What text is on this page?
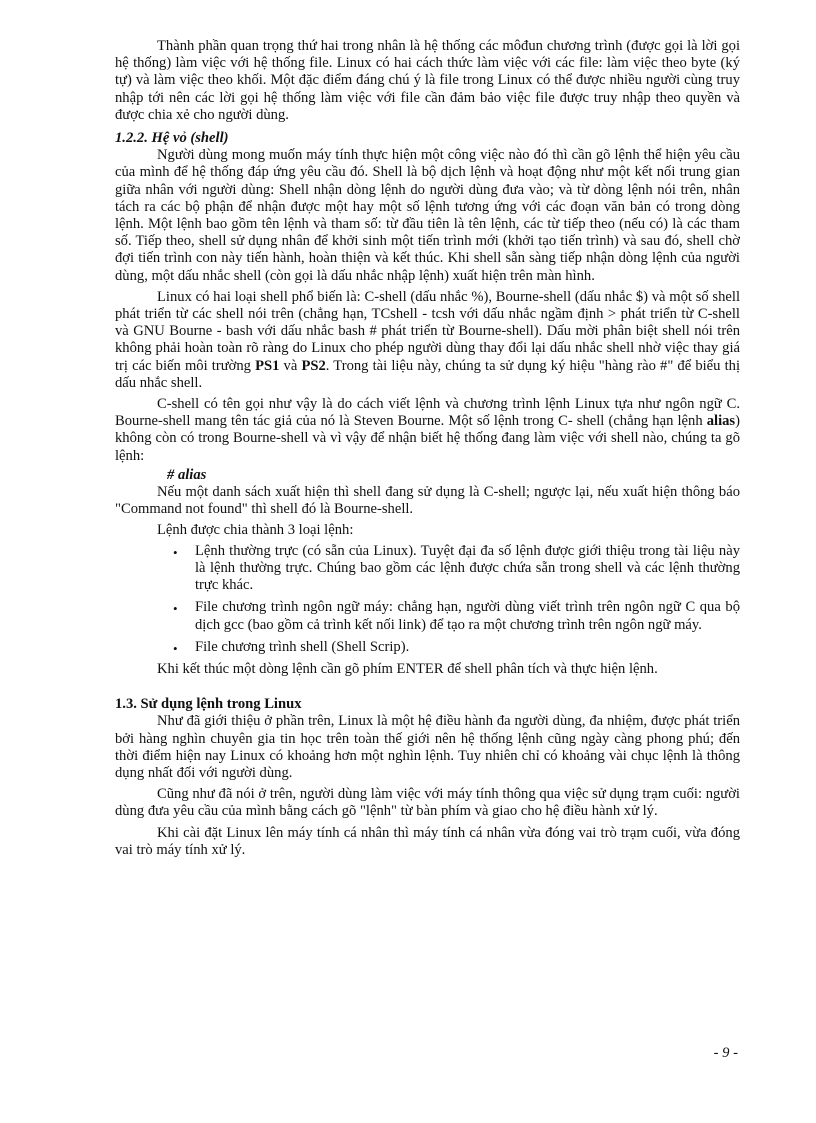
Thành phần quan trọng thứ hai trong nhân là hệ thống các môđun chương trình (được gọi là lời gọi hệ thống) làm việc với hệ thống file. Linux có hai cách thức làm việc với các file: làm việc theo byte (ký tự) và làm việc theo khối. Một đặc điểm đáng chú ý là file trong Linux có thể được nhiều người cùng truy nhập tới nên các lời gọi hệ thống làm việc với file cần đảm bảo việc file được truy nhập theo quyền và được chia xẻ cho người dùng.

1.2.2. Hệ vỏ (shell)

Người dùng mong muốn máy tính thực hiện một công việc nào đó thì cần gõ lệnh thể hiện yêu cầu của mình để hệ thống đáp ứng yêu cầu đó. Shell là bộ dịch lệnh và hoạt động như một kết nối trung gian giữa nhân với người dùng: Shell nhận dòng lệnh do người dùng đưa vào; và từ dòng lệnh nói trên, nhân tách ra các bộ phận để nhận được một hay một số lệnh tương ứng với các đoạn văn bản có trong dòng lệnh. Một lệnh bao gồm tên lệnh và tham số: từ đầu tiên là tên lệnh, các từ tiếp theo (nếu có) là các tham số. Tiếp theo, shell sử dụng nhân để khởi sinh một tiến trình mới (khởi tạo tiến trình) và sau đó, shell chờ đợi tiến trình con này tiến hành, hoàn thiện và kết thúc. Khi shell sẵn sàng tiếp nhận dòng lệnh của người dùng, một dấu nhắc shell (còn gọi là dấu nhắc nhập lệnh) xuất hiện trên màn hình.

Linux có hai loại shell phổ biến là: C-shell (dấu nhắc %), Bourne-shell (dấu nhắc $) và một số shell phát triển từ các shell nói trên (chẳng hạn, TCshell - tcsh với dấu nhắc ngầm định > phát triển từ C-shell và GNU Bourne - bash với dấu nhắc bash # phát triển từ Bourne-shell). Dấu mời phân biệt shell nói trên không phải hoàn toàn rõ ràng do Linux cho phép người dùng thay đổi lại dấu nhắc shell nhờ việc thay giá trị các biến môi trường PS1 và PS2. Trong tài liệu này, chúng ta sử dụng ký hiệu "hàng rào #" để biểu thị dấu nhắc shell.

C-shell có tên gọi như vậy là do cách viết lệnh và chương trình lệnh Linux tựa như ngôn ngữ C. Bourne-shell mang tên tác giả của nó là Steven Bourne. Một số lệnh trong C- shell (chẳng hạn lệnh alias) không còn có trong Bourne-shell và vì vậy để nhận biết hệ thống đang làm việc với shell nào, chúng ta gõ lệnh:

# alias

Nếu một danh sách xuất hiện thì shell đang sử dụng là C-shell; ngược lại, nếu xuất hiện thông báo "Command not found" thì shell đó là Bourne-shell.

Lệnh được chia thành 3 loại lệnh:

• Lệnh thường trực (có sẵn của Linux). Tuyệt đại đa số lệnh được giới thiệu trong tài liệu này là lệnh thường trực. Chúng bao gồm các lệnh được chứa sẵn trong shell và các lệnh thường trực khác.
• File chương trình ngôn ngữ máy: chẳng hạn, người dùng viết trình trên ngôn ngữ C qua bộ dịch gcc (bao gồm cả trình kết nối link) để tạo ra một chương trình trên ngôn ngữ máy.
• File chương trình shell (Shell Scrip).

Khi kết thúc một dòng lệnh cần gõ phím ENTER để shell phân tích và thực hiện lệnh.

1.3. Sử dụng lệnh trong Linux

Như đã giới thiệu ở phần trên, Linux là một hệ điều hành đa người dùng, đa nhiệm, được phát triển bởi hàng nghìn chuyên gia tin học trên toàn thế giới nên hệ thống lệnh cũng ngày càng phong phú; đến thời điểm hiện nay Linux có khoảng hơn một nghìn lệnh. Tuy nhiên chỉ có khoảng vài chục lệnh là thông dụng nhất đối với người dùng.

Cũng như đã nói ở trên, người dùng làm việc với máy tính thông qua việc sử dụng trạm cuối: người dùng đưa yêu cầu của mình bằng cách gõ "lệnh" từ bàn phím và giao cho hệ điều hành xử lý.

Khi cài đặt Linux lên máy tính cá nhân thì máy tính cá nhân vừa đóng vai trò trạm cuối, vừa đóng vai trò máy tính xử lý.

- 9 -
